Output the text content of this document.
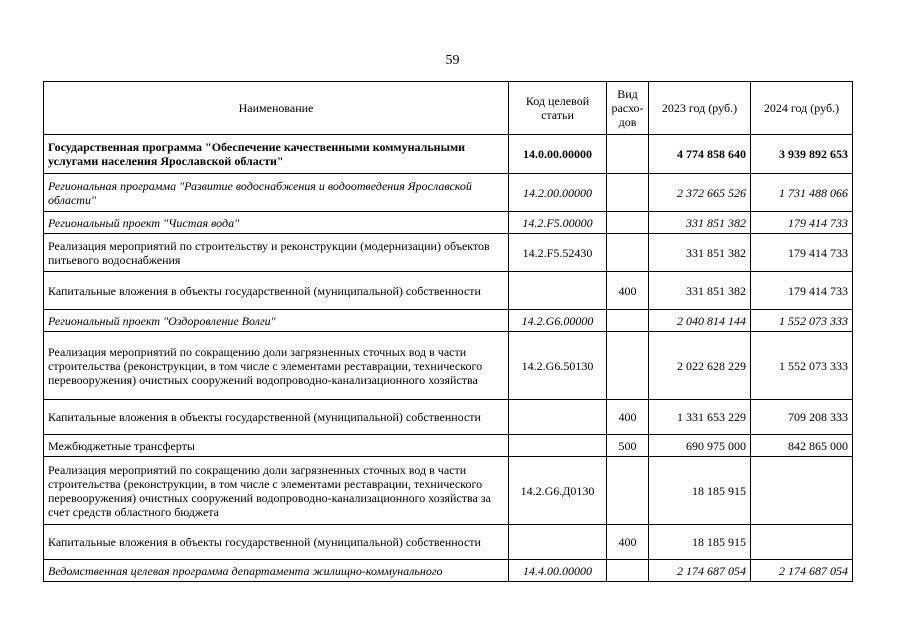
59
Наименование	Код целевой статьи	Вид расхо-дов	2023 год (руб.)	2024 год (руб.)
Государственная программа "Обеспечение качественными коммунальными услугами населения Ярославской области"	14.0.00.00000		4 774 858 640	3 939 892 653
Региональная программа "Развитие водоснабжения и водоотведения Ярославской области"	14.2.00.00000		2 372 665 526	1 731 488 066
Региональный проект "Чистая вода"	14.2.F5.00000		331 851 382	179 414 733
Реализация мероприятий по строительству и реконструкции (модернизации) объектов питьевого водоснабжения	14.2.F5.52430		331 851 382	179 414 733
Капитальные вложения в объекты государственной (муниципальной) собственности		400	331 851 382	179 414 733
Региональный проект "Оздоровление Волги"	14.2.G6.00000		2 040 814 144	1 552 073 333
Реализация мероприятий по сокращению доли загрязненных сточных вод в части строительства (реконструкции, в том числе с элементами реставрации, технического перевооружения) очистных сооружений водопроводно-канализационного хозяйства	14.2.G6.50130		2 022 628 229	1 552 073 333
Капитальные вложения в объекты государственной (муниципальной) собственности		400	1 331 653 229	709 208 333
Межбюджетные трансферты		500	690 975 000	842 865 000
Реализация мероприятий по сокращению доли загрязненных сточных вод в части строительства (реконструкции, в том числе с элементами реставрации, технического перевооружения) очистных сооружений водопроводно-канализационного хозяйства за счет средств областного бюджета	14.2.G6.Д0130		18 185 915	
Капитальные вложения в объекты государственной (муниципальной) собственности		400	18 185 915	
Ведомственная целевая программа департамента жилищно-коммунального	14.4.00.00000		2 174 687 054	2 174 687 054
